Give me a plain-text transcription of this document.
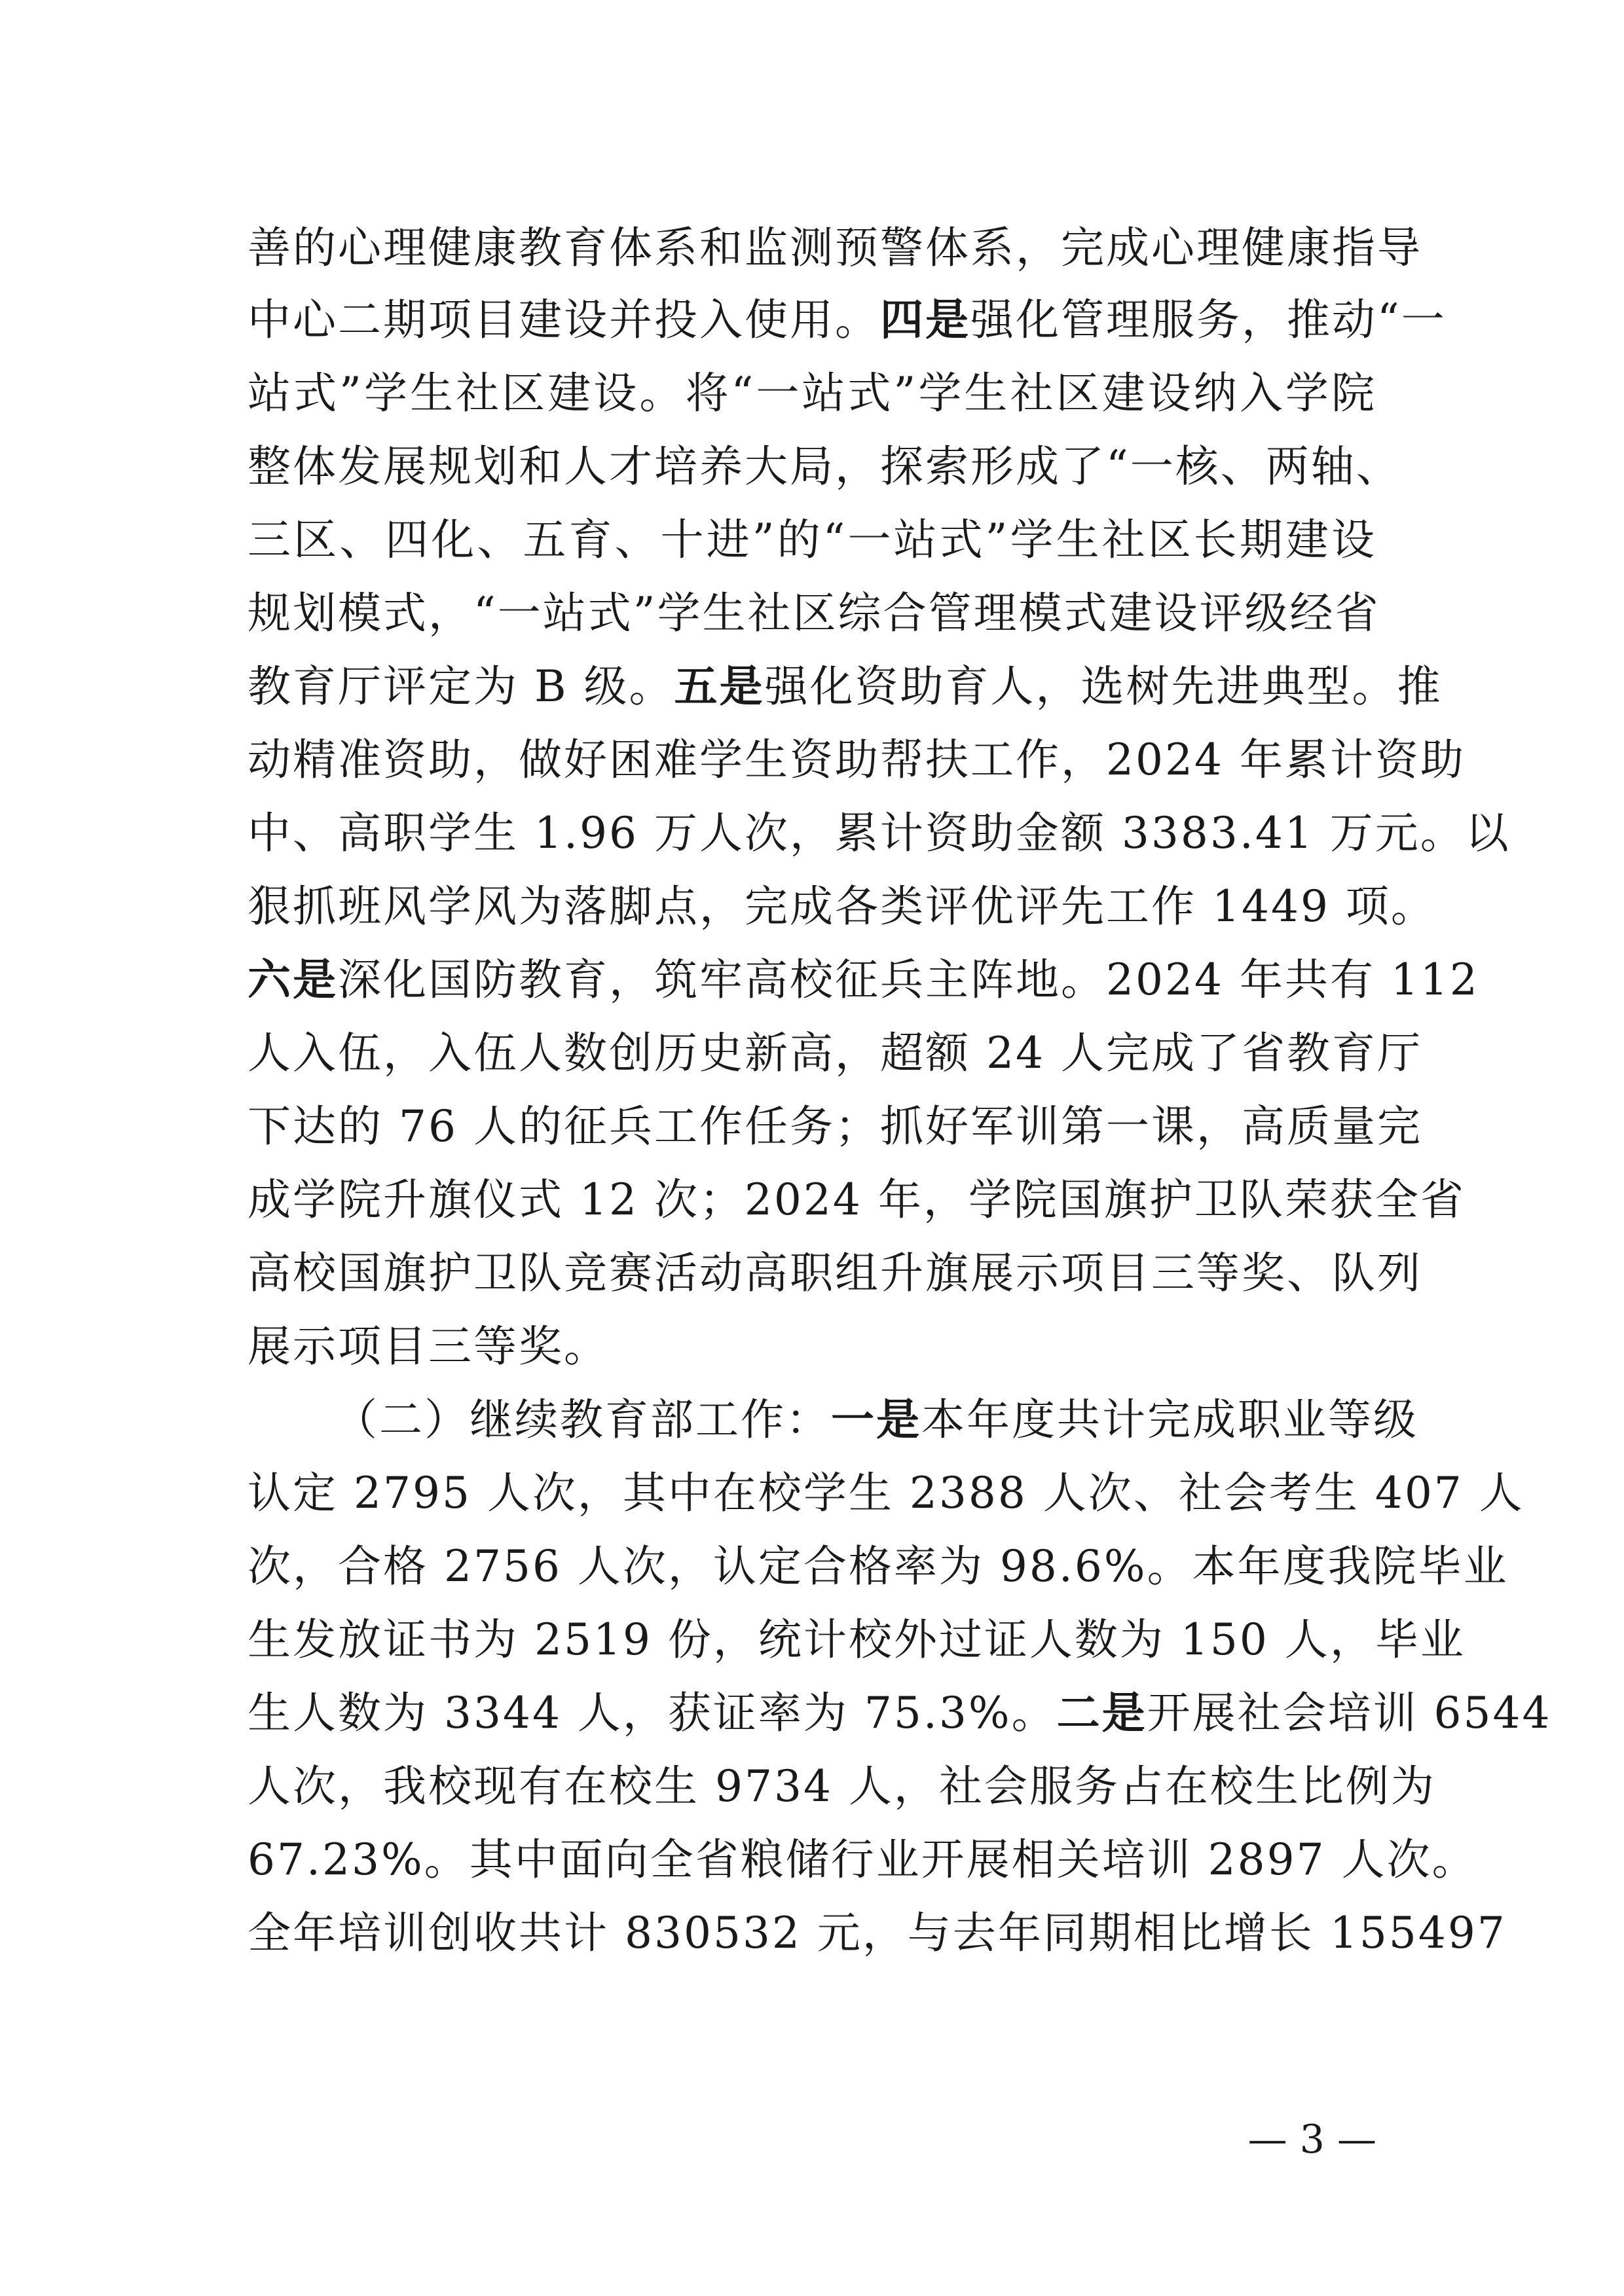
善的心理健康教育体系和监测预警体系，完成心理健康指导
中心二期项目建设并投入使用。四是强化管理服务，推动“一
站式”学生社区建设。将“一站式”学生社区建设纳入学院
整体发展规划和人才培养大局，探索形成了“一核、两轴、
三区、四化、五育、十进”的“一站式”学生社区长期建设
规划模式，“一站式”学生社区综合管理模式建设评级经省
教育厅评定为 B 级。五是强化资助育人，选树先进典型。推
动精准资助，做好困难学生资助帮扶工作，2024 年累计资助
中、高职学生 1.96 万人次，累计资助金额 3383.41 万元。以
狠抓班风学风为落脚点，完成各类评优评先工作 1449 项。
六是深化国防教育，筑牢高校征兵主阵地。2024 年共有 112
人入伍，入伍人数创历史新高，超额 24 人完成了省教育厅
下达的 76 人的征兵工作任务；抓好军训第一课，高质量完
成学院升旗仪式 12 次；2024 年，学院国旗护卫队荣获全省
高校国旗护卫队竞赛活动高职组升旗展示项目三等奖、队列
展示项目三等奖。
（二）继续教育部工作：一是本年度共计完成职业等级
认定 2795 人次，其中在校学生 2388 人次、社会考生 407 人
次，合格 2756 人次，认定合格率为 98.6%。本年度我院毕业
生发放证书为 2519 份，统计校外过证人数为 150 人，毕业
生人数为 3344 人，获证率为 75.3%。二是开展社会培训 6544
人次，我校现有在校生 9734 人，社会服务占在校生比例为
67.23%。其中面向全省粮储行业开展相关培训 2897 人次。
全年培训创收共计 830532 元，与去年同期相比增长 155497
— 3 —
